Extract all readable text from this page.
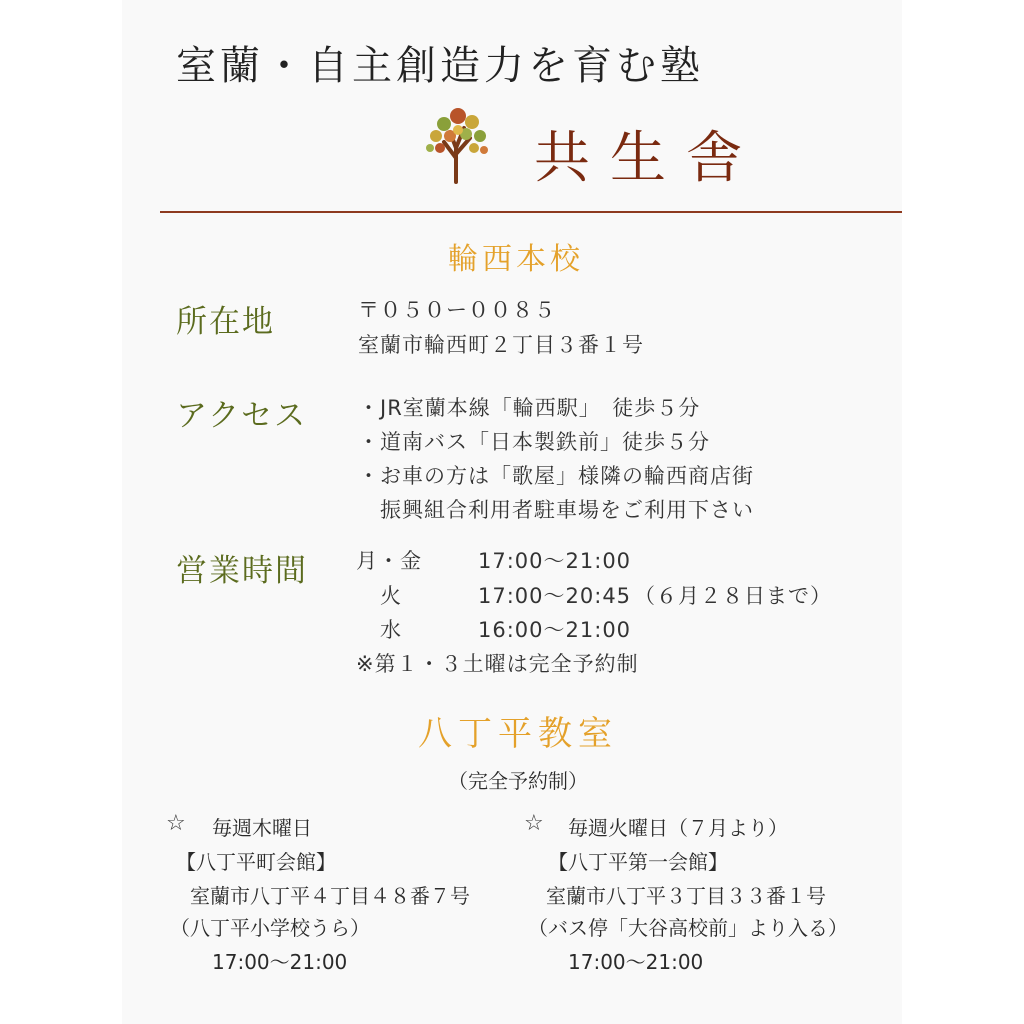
室蘭・自主創造力を育む塾
共生舎
輪西本校
所在地	〒０５０ー００８５
室蘭市輪西町２丁目３番１号
アクセス ・JR室蘭本線「輪西駅」　徒歩５分
・道南バス「日本製鉄前」徒歩５分
・お車の方は「歌屋」様隣の輪西商店街
　振興組合利用者駐車場をご利用下さい
営業時間 月・金	17:00〜21:00
火	17:00〜20:45 （６月２８日まで）
水	16:00〜21:00
※第１・３土曜は完全予約制
八丁平教室
（完全予約制）
☆ 毎週木曜日
【八丁平町会館】
室蘭市八丁平４丁目４８番７号
（八丁平小学校うら）
17:00〜21:00
☆ 毎週火曜日（７月より）
【八丁平第一会館】
室蘭市八丁平３丁目３３番１号
（バス停「大谷高校前」より入る）
17:00〜21:00
